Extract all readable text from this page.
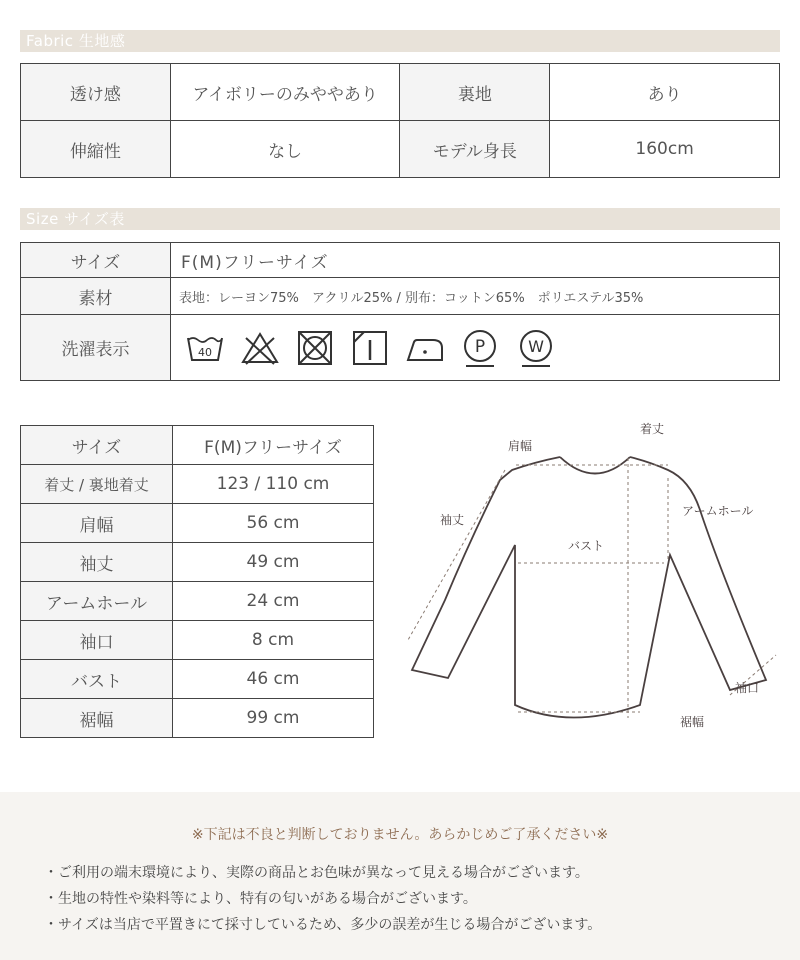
Fabric 生地感
透け感	アイボリーのみややあり	裏地	あり
伸縮性	なし	モデル身長	160cm
Size サイズ表
サイズ	F(M)フリーサイズ
素材	表地：レーヨン75%　アクリル25% / 別布：コットン65%　ポリエステル35%
洗濯表示	40
P
W
サイズ	F(M)フリーサイズ
着丈 / 裏地着丈	123 / 110 cm
肩幅	56 cm
袖丈	49 cm
アームホール	24 cm
袖口	8 cm
バスト	46 cm
裾幅	99 cm
着丈
肩幅
袖丈
アームホール
バスト
袖口
裾幅
※下記は不良と判断しておりません。あらかじめご了承ください※
・ご利用の端末環境により、実際の商品とお色味が異なって見える場合がございます。
・生地の特性や染料等により、特有の匂いがある場合がございます。
・サイズは当店で平置きにて採寸しているため、多少の誤差が生じる場合がございます。
